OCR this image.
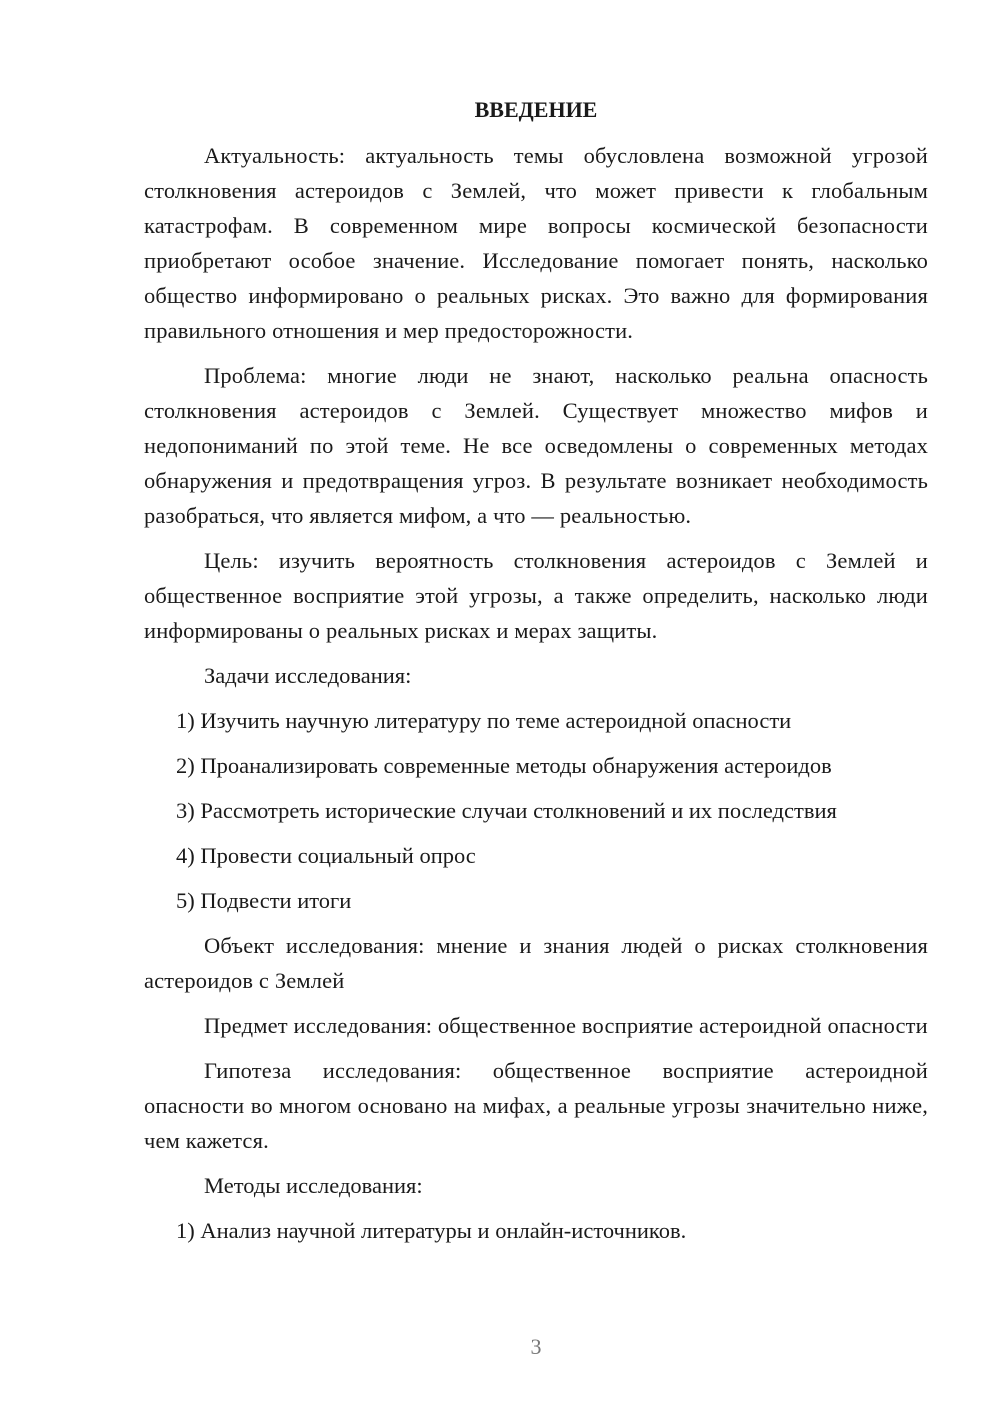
ВВЕДЕНИЕ

Актуальность: актуальность темы обусловлена возможной угрозой столкновения астероидов с Землей, что может привести к глобальным катастрофам. В современном мире вопросы космической безопасности приобретают особое значение. Исследование помогает понять, насколько общество информировано о реальных рисках. Это важно для формирования правильного отношения и мер предосторожности.

Проблема: многие люди не знают, насколько реальна опасность столкновения астероидов с Землей. Существует множество мифов и недопониманий по этой теме. Не все осведомлены о современных методах обнаружения и предотвращения угроз. В результате возникает необходимость разобраться, что является мифом, а что — реальностью.

Цель: изучить вероятность столкновения астероидов с Землей и общественное восприятие этой угрозы, а также определить, насколько люди информированы о реальных рисках и мерах защиты.

Задачи исследования:

1) Изучить научную литературу по теме астероидной опасности
2) Проанализировать современные методы обнаружения астероидов
3) Рассмотреть исторические случаи столкновений и их последствия
4) Провести социальный опрос
5) Подвести итоги

Объект исследования: мнение и знания людей о рисках столкновения астероидов с Землей

Предмет исследования: общественное восприятие астероидной опасности

Гипотеза исследования: общественное восприятие астероидной опасности во многом основано на мифах, а реальные угрозы значительно ниже, чем кажется.

Методы исследования:

1) Анализ научной литературы и онлайн-источников.
3
